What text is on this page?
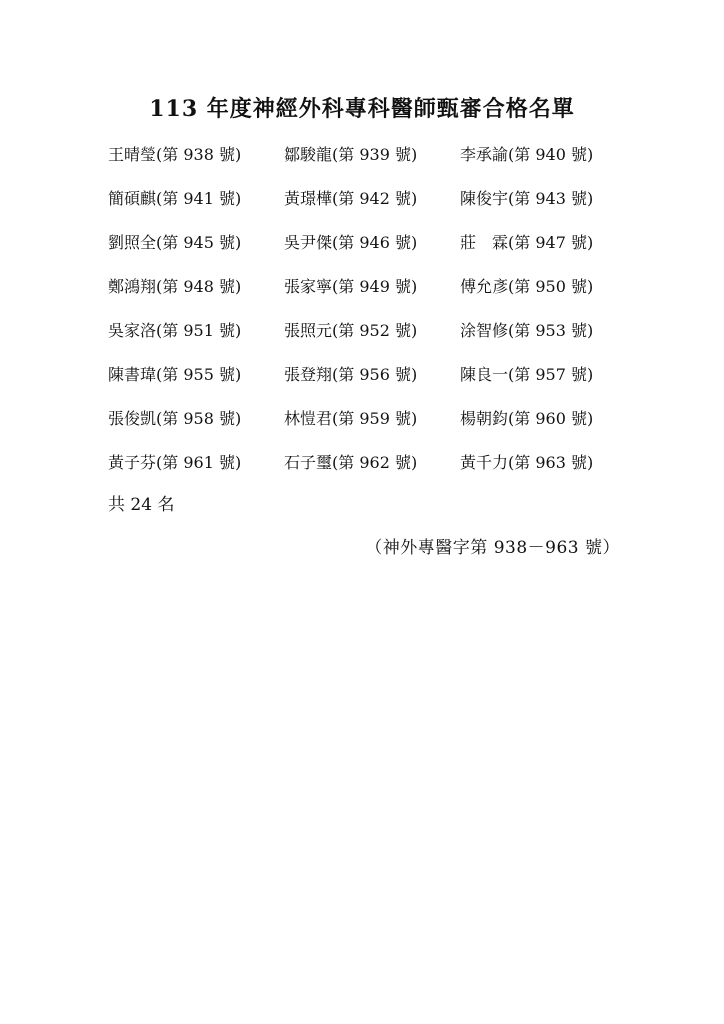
113 年度神經外科專科醫師甄審合格名單
王晴瑩(第 938 號)	鄒駿龍(第 939 號)	李承諭(第 940 號)
簡碩麒(第 941 號)	黃璟樺(第 942 號)	陳俊宇(第 943 號)
劉照全(第 945 號)	吳尹傑(第 946 號)	莊　霖(第 947 號)
鄭鴻翔(第 948 號)	張家寧(第 949 號)	傅允彥(第 950 號)
吳家洛(第 951 號)	張照元(第 952 號)	涂智修(第 953 號)
陳書瑋(第 955 號)	張登翔(第 956 號)	陳良一(第 957 號)
張俊凱(第 958 號)	林愷君(第 959 號)	楊朝鈞(第 960 號)
黃子芬(第 961 號)	石子璽(第 962 號)	黃千力(第 963 號)
共 24 名
（神外專醫字第 938－963 號）
